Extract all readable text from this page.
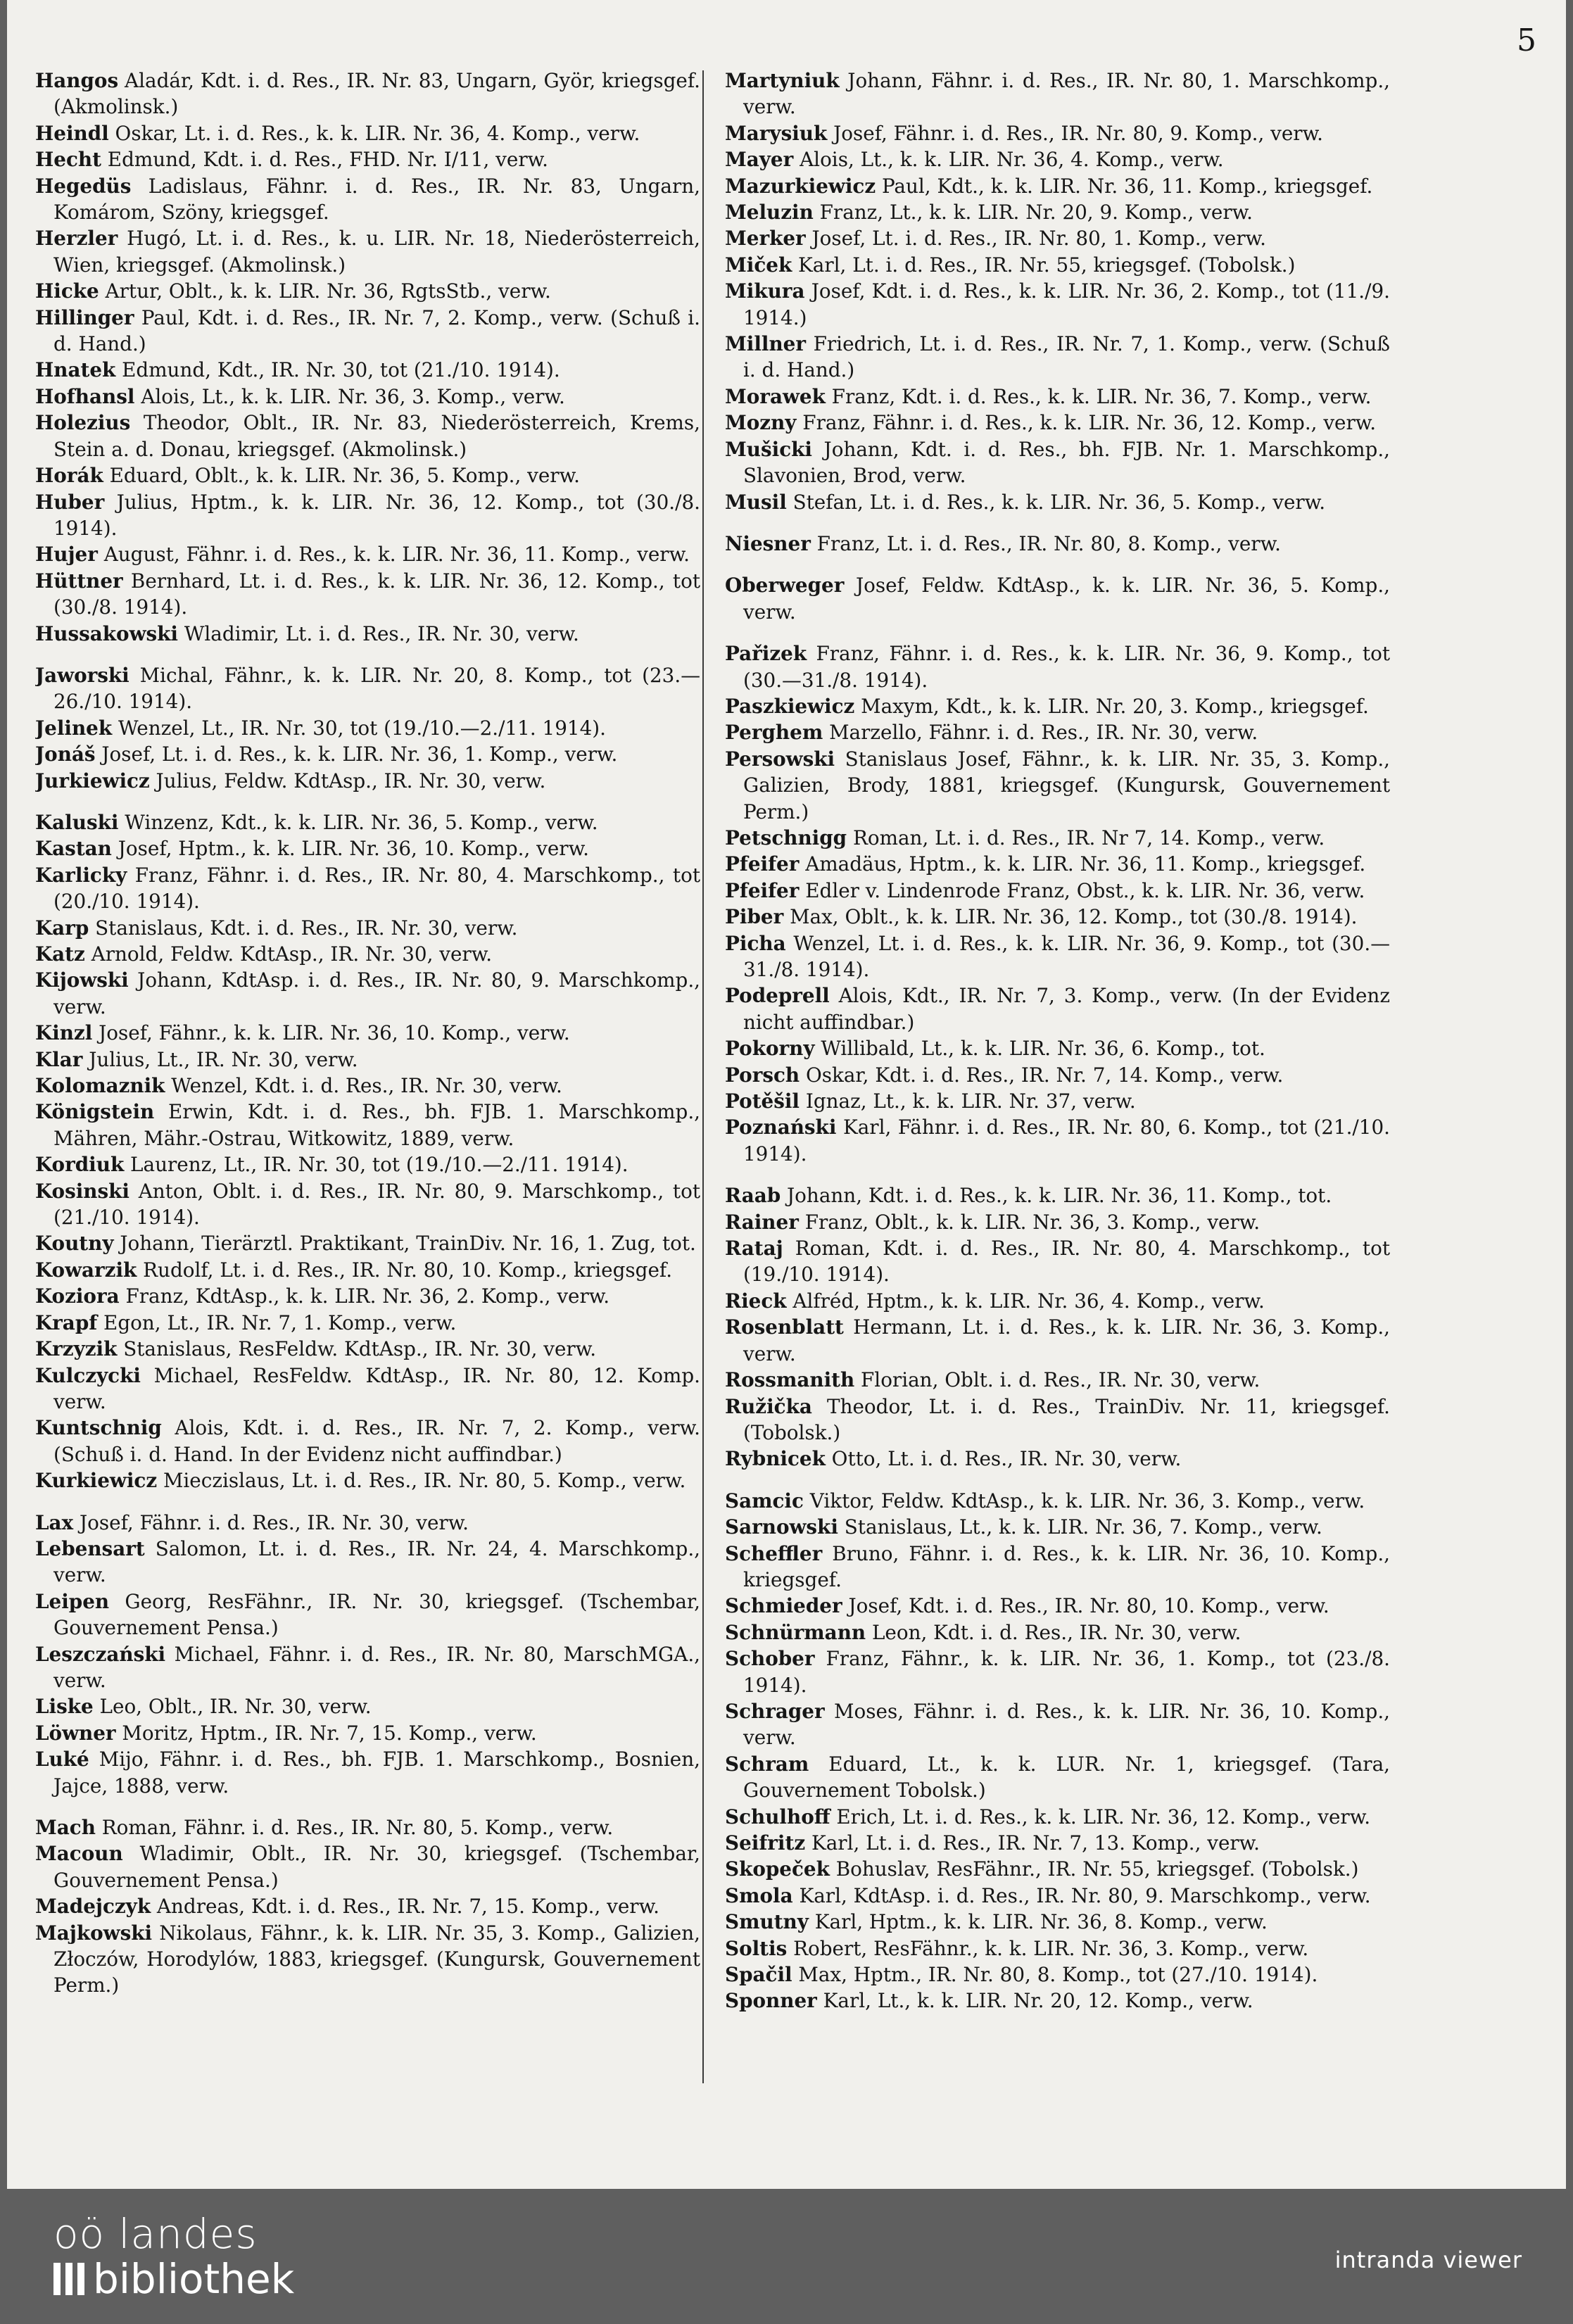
5
Hangos Aladár, Kdt. i. d. Res., IR. Nr. 83, Ungarn, Györ, kriegsgef. (Akmolinsk.)
Heindl Oskar, Lt. i. d. Res., k. k. LIR. Nr. 36, 4. Komp., verw.
Hecht Edmund, Kdt. i. d. Res., FHD. Nr. I/11, verw.
Hegedüs Ladislaus, Fähnr. i. d. Res., IR. Nr. 83, Ungarn, Komárom, Szöny, kriegsgef.
Herzler Hugó, Lt. i. d. Res., k. u. LIR. Nr. 18, Niederösterreich, Wien, kriegsgef. (Akmolinsk.)
Hicke Artur, Oblt., k. k. LIR. Nr. 36, RgtsStb., verw.
Hillinger Paul, Kdt. i. d. Res., IR. Nr. 7, 2. Komp., verw. (Schuß i. d. Hand.)
Hnatek Edmund, Kdt., IR. Nr. 30, tot (21./10. 1914).
Hofhansl Alois, Lt., k. k. LIR. Nr. 36, 3. Komp., verw.
Holezius Theodor, Oblt., IR. Nr. 83, Niederösterreich, Krems, Stein a. d. Donau, kriegsgef. (Akmolinsk.)
Horák Eduard, Oblt., k. k. LIR. Nr. 36, 5. Komp., verw.
Huber Julius, Hptm., k. k. LIR. Nr. 36, 12. Komp., tot (30./8. 1914).
Hujer August, Fähnr. i. d. Res., k. k. LIR. Nr. 36, 11. Komp., verw.
Hüttner Bernhard, Lt. i. d. Res., k. k. LIR. Nr. 36, 12. Komp., tot (30./8. 1914).
Hussakowski Wladimir, Lt. i. d. Res., IR. Nr. 30, verw.
Jaworski Michal, Fähnr., k. k. LIR. Nr. 20, 8. Komp., tot (23.—26./10. 1914).
Jelinek Wenzel, Lt., IR. Nr. 30, tot (19./10.—2./11. 1914).
Jonáš Josef, Lt. i. d. Res., k. k. LIR. Nr. 36, 1. Komp., verw.
Jurkiewicz Julius, Feldw. KdtAsp., IR. Nr. 30, verw.
Kaluski Winzenz, Kdt., k. k. LIR. Nr. 36, 5. Komp., verw.
Kastan Josef, Hptm., k. k. LIR. Nr. 36, 10. Komp., verw.
Karlicky Franz, Fähnr. i. d. Res., IR. Nr. 80, 4. Marschkomp., tot (20./10. 1914).
Karp Stanislaus, Kdt. i. d. Res., IR. Nr. 30, verw.
Katz Arnold, Feldw. KdtAsp., IR. Nr. 30, verw.
Kijowski Johann, KdtAsp. i. d. Res., IR. Nr. 80, 9. Marschkomp., verw.
Kinzl Josef, Fähnr., k. k. LIR. Nr. 36, 10. Komp., verw.
Klar Julius, Lt., IR. Nr. 30, verw.
Kolomaznik Wenzel, Kdt. i. d. Res., IR. Nr. 30, verw.
Königstein Erwin, Kdt. i. d. Res., bh. FJB. 1. Marschkomp., Mähren, Mähr.-Ostrau, Witkowitz, 1889, verw.
Kordiuk Laurenz, Lt., IR. Nr. 30, tot (19./10.—2./11. 1914).
Kosinski Anton, Oblt. i. d. Res., IR. Nr. 80, 9. Marschkomp., tot (21./10. 1914).
Koutny Johann, Tierärztl. Praktikant, TrainDiv. Nr. 16, 1. Zug, tot.
Kowarzik Rudolf, Lt. i. d. Res., IR. Nr. 80, 10. Komp., kriegsgef.
Koziora Franz, KdtAsp., k. k. LIR. Nr. 36, 2. Komp., verw.
Krapf Egon, Lt., IR. Nr. 7, 1. Komp., verw.
Krzyzik Stanislaus, ResFeldw. KdtAsp., IR. Nr. 30, verw.
Kulczycki Michael, ResFeldw. KdtAsp., IR. Nr. 80, 12. Komp. verw.
Kuntschnig Alois, Kdt. i. d. Res., IR. Nr. 7, 2. Komp., verw. (Schuß i. d. Hand. In der Evidenz nicht auffindbar.)
Kurkiewicz Mieczislaus, Lt. i. d. Res., IR. Nr. 80, 5. Komp., verw.
Lax Josef, Fähnr. i. d. Res., IR. Nr. 30, verw.
Lebensart Salomon, Lt. i. d. Res., IR. Nr. 24, 4. Marschkomp., verw.
Leipen Georg, ResFähnr., IR. Nr. 30, kriegsgef. (Tschembar, Gouvernement Pensa.)
Leszczański Michael, Fähnr. i. d. Res., IR. Nr. 80, MarschMGA., verw.
Liske Leo, Oblt., IR. Nr. 30, verw.
Löwner Moritz, Hptm., IR. Nr. 7, 15. Komp., verw.
Luké Mijo, Fähnr. i. d. Res., bh. FJB. 1. Marschkomp., Bosnien, Jajce, 1888, verw.
Mach Roman, Fähnr. i. d. Res., IR. Nr. 80, 5. Komp., verw.
Macoun Wladimir, Oblt., IR. Nr. 30, kriegsgef. (Tschembar, Gouvernement Pensa.)
Madejczyk Andreas, Kdt. i. d. Res., IR. Nr. 7, 15. Komp., verw.
Majkowski Nikolaus, Fähnr., k. k. LIR. Nr. 35, 3. Komp., Galizien, Złoczów, Horodylów, 1883, kriegsgef. (Kungursk, Gouvernement Perm.)
Martyniuk Johann, Fähnr. i. d. Res., IR. Nr. 80, 1. Marschkomp., verw.
Marysiuk Josef, Fähnr. i. d. Res., IR. Nr. 80, 9. Komp., verw.
Mayer Alois, Lt., k. k. LIR. Nr. 36, 4. Komp., verw.
Mazurkiewicz Paul, Kdt., k. k. LIR. Nr. 36, 11. Komp., kriegsgef.
Meluzin Franz, Lt., k. k. LIR. Nr. 20, 9. Komp., verw.
Merker Josef, Lt. i. d. Res., IR. Nr. 80, 1. Komp., verw.
Miček Karl, Lt. i. d. Res., IR. Nr. 55, kriegsgef. (Tobolsk.)
Mikura Josef, Kdt. i. d. Res., k. k. LIR. Nr. 36, 2. Komp., tot (11./9. 1914.)
Millner Friedrich, Lt. i. d. Res., IR. Nr. 7, 1. Komp., verw. (Schuß i. d. Hand.)
Morawek Franz, Kdt. i. d. Res., k. k. LIR. Nr. 36, 7. Komp., verw.
Mozny Franz, Fähnr. i. d. Res., k. k. LIR. Nr. 36, 12. Komp., verw.
Mušicki Johann, Kdt. i. d. Res., bh. FJB. Nr. 1. Marschkomp., Slavonien, Brod, verw.
Musil Stefan, Lt. i. d. Res., k. k. LIR. Nr. 36, 5. Komp., verw.
Niesner Franz, Lt. i. d. Res., IR. Nr. 80, 8. Komp., verw.
Oberweger Josef, Feldw. KdtAsp., k. k. LIR. Nr. 36, 5. Komp., verw.
Pařizek Franz, Fähnr. i. d. Res., k. k. LIR. Nr. 36, 9. Komp., tot (30.—31./8. 1914).
Paszkiewicz Maxym, Kdt., k. k. LIR. Nr. 20, 3. Komp., kriegsgef.
Perghem Marzello, Fähnr. i. d. Res., IR. Nr. 30, verw.
Persowski Stanislaus Josef, Fähnr., k. k. LIR. Nr. 35, 3. Komp., Galizien, Brody, 1881, kriegsgef. (Kungursk, Gouvernement Perm.)
Petschnigg Roman, Lt. i. d. Res., IR. Nr 7, 14. Komp., verw.
Pfeifer Amadäus, Hptm., k. k. LIR. Nr. 36, 11. Komp., kriegsgef.
Pfeifer Edler v. Lindenrode Franz, Obst., k. k. LIR. Nr. 36, verw.
Piber Max, Oblt., k. k. LIR. Nr. 36, 12. Komp., tot (30./8. 1914).
Picha Wenzel, Lt. i. d. Res., k. k. LIR. Nr. 36, 9. Komp., tot (30.—31./8. 1914).
Podeprell Alois, Kdt., IR. Nr. 7, 3. Komp., verw. (In der Evidenz nicht auffindbar.)
Pokorny Willibald, Lt., k. k. LIR. Nr. 36, 6. Komp., tot.
Porsch Oskar, Kdt. i. d. Res., IR. Nr. 7, 14. Komp., verw.
Potěšil Ignaz, Lt., k. k. LIR. Nr. 37, verw.
Poznański Karl, Fähnr. i. d. Res., IR. Nr. 80, 6. Komp., tot (21./10. 1914).
Raab Johann, Kdt. i. d. Res., k. k. LIR. Nr. 36, 11. Komp., tot.
Rainer Franz, Oblt., k. k. LIR. Nr. 36, 3. Komp., verw.
Rataj Roman, Kdt. i. d. Res., IR. Nr. 80, 4. Marschkomp., tot (19./10. 1914).
Rieck Alfréd, Hptm., k. k. LIR. Nr. 36, 4. Komp., verw.
Rosenblatt Hermann, Lt. i. d. Res., k. k. LIR. Nr. 36, 3. Komp., verw.
Rossmanith Florian, Oblt. i. d. Res., IR. Nr. 30, verw.
Ružička Theodor, Lt. i. d. Res., TrainDiv. Nr. 11, kriegsgef. (Tobolsk.)
Rybnicek Otto, Lt. i. d. Res., IR. Nr. 30, verw.
Samcic Viktor, Feldw. KdtAsp., k. k. LIR. Nr. 36, 3. Komp., verw.
Sarnowski Stanislaus, Lt., k. k. LIR. Nr. 36, 7. Komp., verw.
Scheffler Bruno, Fähnr. i. d. Res., k. k. LIR. Nr. 36, 10. Komp., kriegsgef.
Schmieder Josef, Kdt. i. d. Res., IR. Nr. 80, 10. Komp., verw.
Schnürmann Leon, Kdt. i. d. Res., IR. Nr. 30, verw.
Schober Franz, Fähnr., k. k. LIR. Nr. 36, 1. Komp., tot (23./8. 1914).
Schrager Moses, Fähnr. i. d. Res., k. k. LIR. Nr. 36, 10. Komp., verw.
Schram Eduard, Lt., k. k. LUR. Nr. 1, kriegsgef. (Tara, Gouvernement Tobolsk.)
Schulhoff Erich, Lt. i. d. Res., k. k. LIR. Nr. 36, 12. Komp., verw.
Seifritz Karl, Lt. i. d. Res., IR. Nr. 7, 13. Komp., verw.
Skopeček Bohuslav, ResFähnr., IR. Nr. 55, kriegsgef. (Tobolsk.)
Smola Karl, KdtAsp. i. d. Res., IR. Nr. 80, 9. Marschkomp., verw.
Smutny Karl, Hptm., k. k. LIR. Nr. 36, 8. Komp., verw.
Soltis Robert, ResFähnr., k. k. LIR. Nr. 36, 3. Komp., verw.
Spačil Max, Hptm., IR. Nr. 80, 8. Komp., tot (27./10. 1914).
Sponner Karl, Lt., k. k. LIR. Nr. 20, 12. Komp., verw.
oö landes
bibliothek	intranda viewer
